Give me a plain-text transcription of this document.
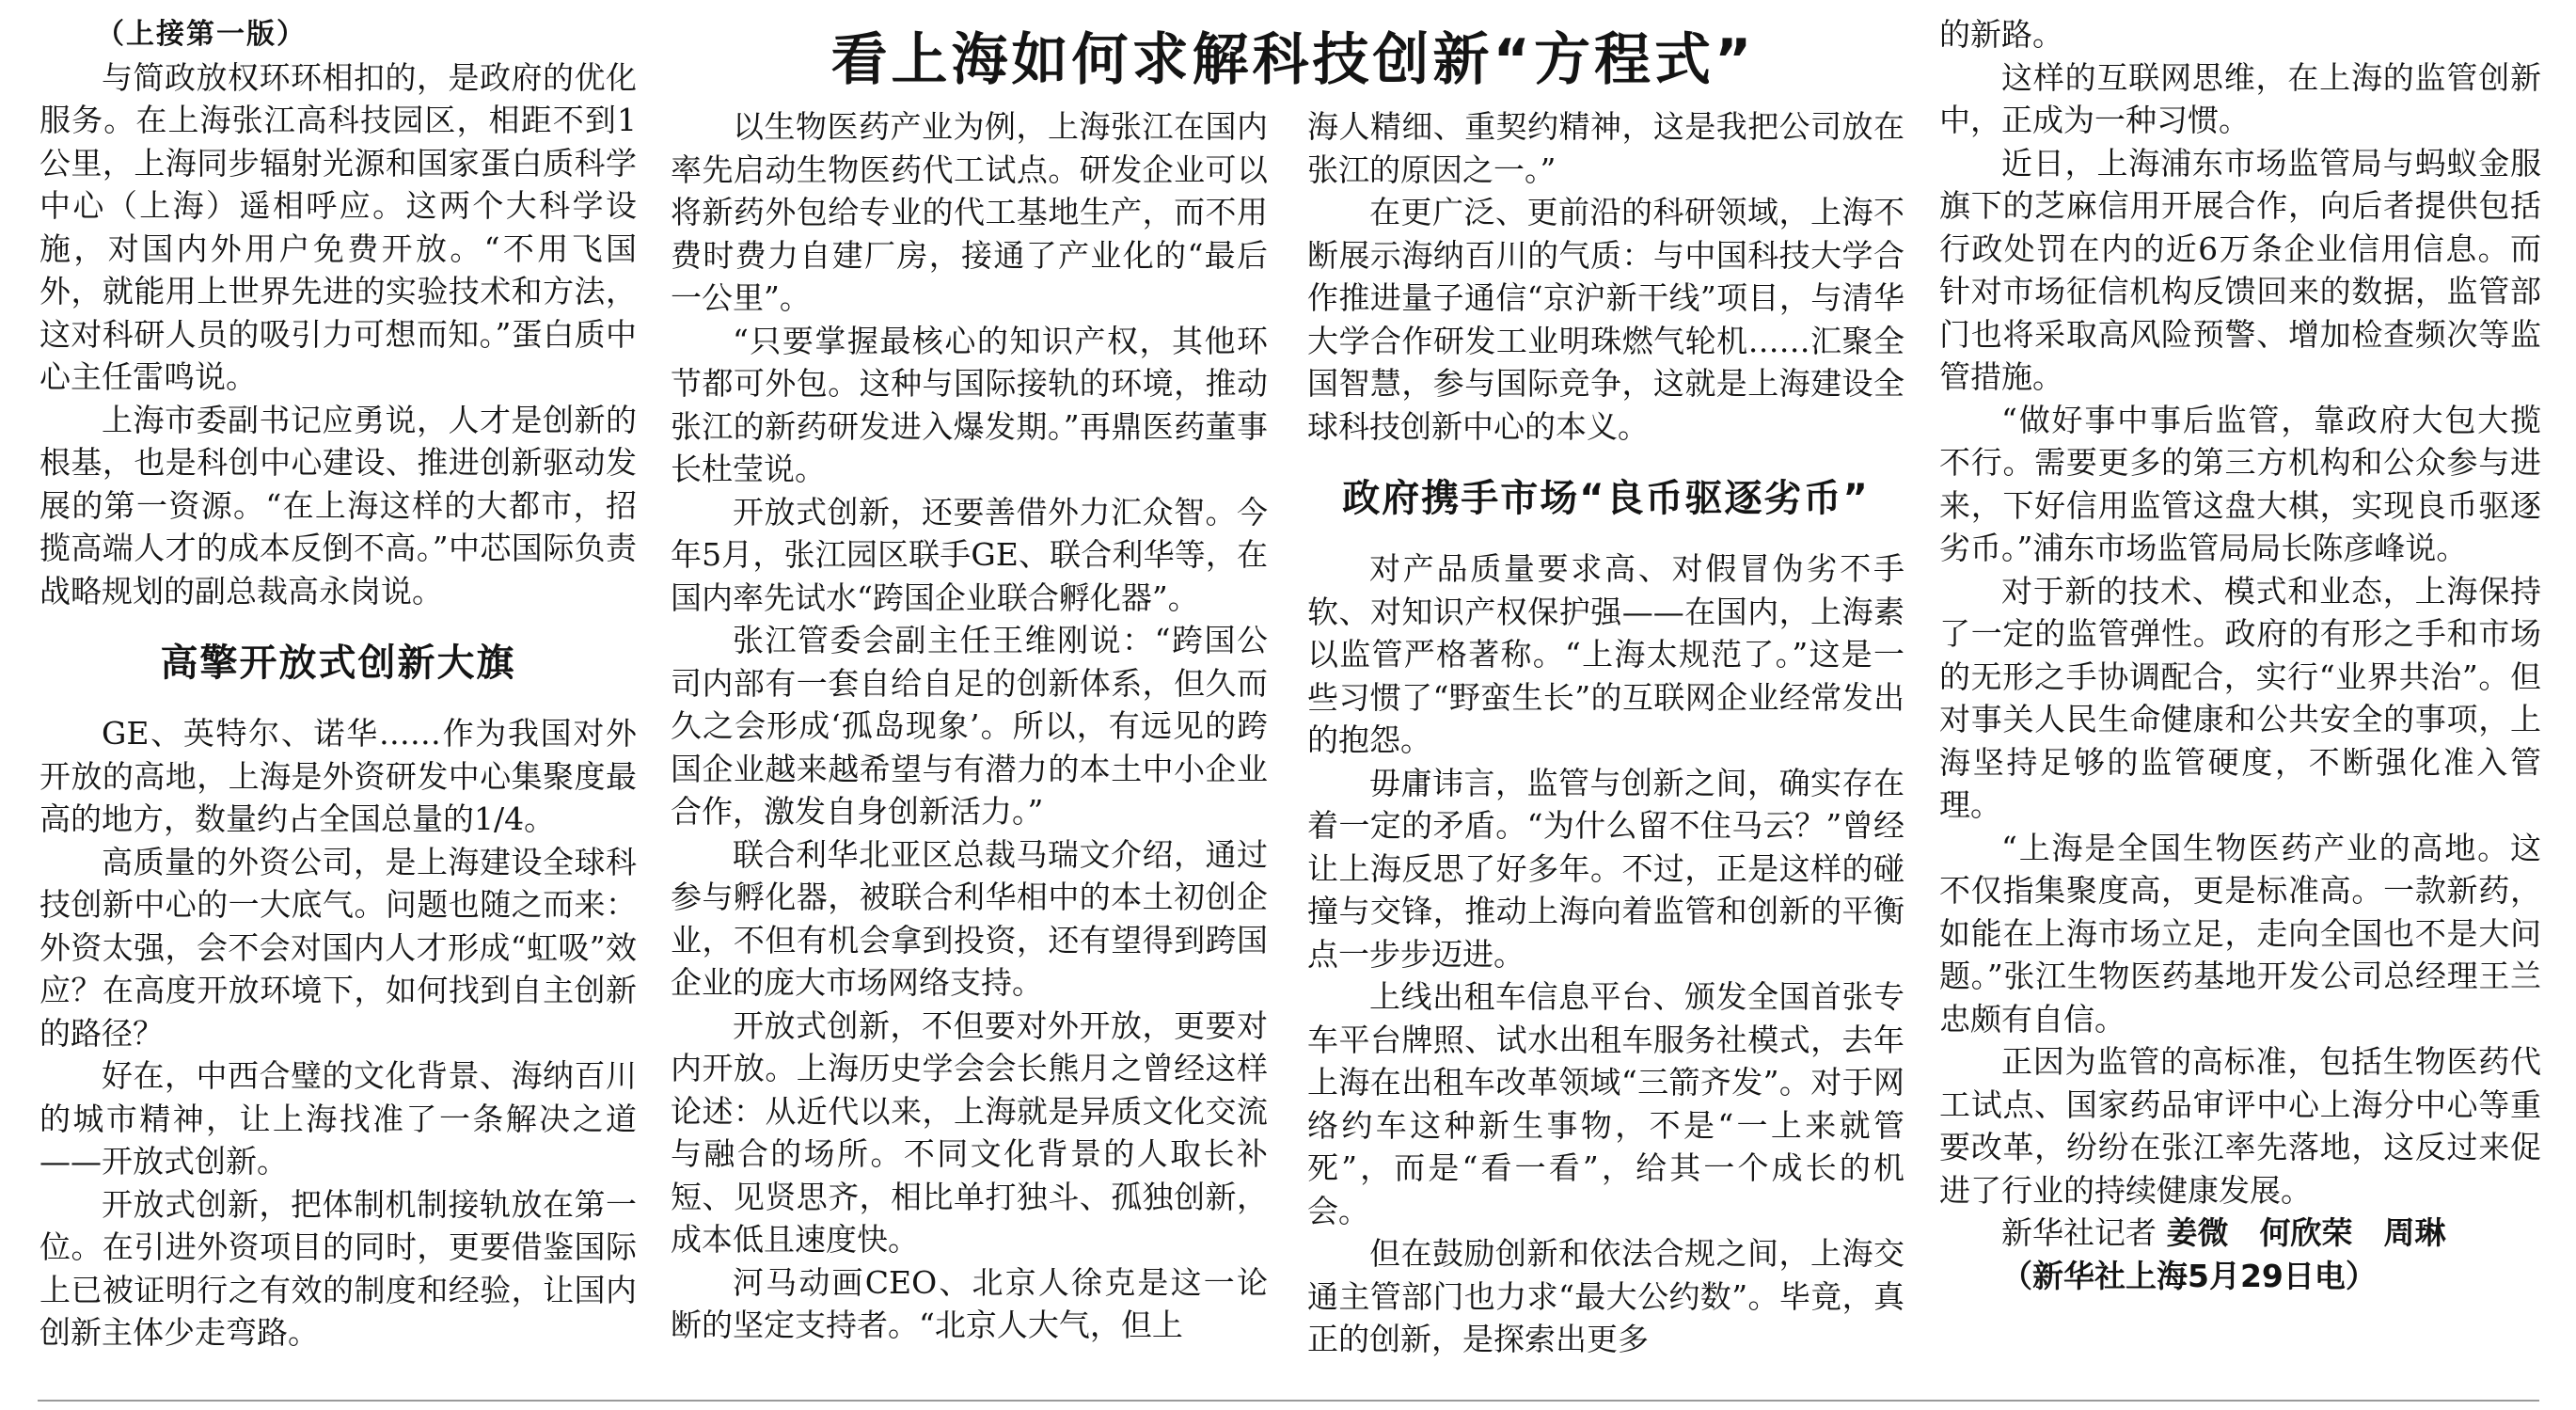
看上海如何求解科技创新“方程式”
（上接第一版）

与简政放权环环相扣的，是政府的优化服务。在上海张江高科技园区，相距不到1公里，上海同步辐射光源和国家蛋白质科学中心（上海）遥相呼应。这两个大科学设施，对国内外用户免费开放。“不用飞国外，就能用上世界先进的实验技术和方法，这对科研人员的吸引力可想而知。”蛋白质中心主任雷鸣说。

上海市委副书记应勇说，人才是创新的根基，也是科创中心建设、推进创新驱动发展的第一资源。“在上海这样的大都市，招揽高端人才的成本反倒不高。”中芯国际负责战略规划的副总裁高永岗说。

高擎开放式创新大旗

GE、英特尔、诺华……作为我国对外开放的高地，上海是外资研发中心集聚度最高的地方，数量约占全国总量的1/4。

高质量的外资公司，是上海建设全球科技创新中心的一大底气。问题也随之而来：外资太强，会不会对国内人才形成“虹吸”效应？在高度开放环境下，如何找到自主创新的路径？

好在，中西合璧的文化背景、海纳百川的城市精神，让上海找准了一条解决之道——开放式创新。

开放式创新，把体制机制接轨放在第一位。在引进外资项目的同时，更要借鉴国际上已被证明行之有效的制度和经验，让国内创新主体少走弯路。

以生物医药产业为例，上海张江在国内率先启动生物医药代工试点。研发企业可以将新药外包给专业的代工基地生产，而不用费时费力自建厂房，接通了产业化的“最后一公里”。

“只要掌握最核心的知识产权，其他环节都可外包。这种与国际接轨的环境，推动张江的新药研发进入爆发期。”再鼎医药董事长杜莹说。

开放式创新，还要善借外力汇众智。今年5月，张江园区联手GE、联合利华等，在国内率先试水“跨国企业联合孵化器”。

张江管委会副主任王维刚说：“跨国公司内部有一套自给自足的创新体系，但久而久之会形成‘孤岛现象’。所以，有远见的跨国企业越来越希望与有潜力的本土中小企业合作，激发自身创新活力。”

联合利华北亚区总裁马瑞文介绍，通过参与孵化器，被联合利华相中的本土初创企业，不但有机会拿到投资，还有望得到跨国企业的庞大市场网络支持。

开放式创新，不但要对外开放，更要对内开放。上海历史学会会长熊月之曾经这样论述：从近代以来，上海就是异质文化交流与融合的场所。不同文化背景的人取长补短、见贤思齐，相比单打独斗、孤独创新，成本低且速度快。

河马动画CEO、北京人徐克是这一论断的坚定支持者。“北京人大气，但上

海人精细、重契约精神，这是我把公司放在张江的原因之一。”

在更广泛、更前沿的科研领域，上海不断展示海纳百川的气质：与中国科技大学合作推进量子通信“京沪新干线”项目，与清华大学合作研发工业明珠燃气轮机……汇聚全国智慧，参与国际竞争，这就是上海建设全球科技创新中心的本义。

政府携手市场“良币驱逐劣币”

对产品质量要求高、对假冒伪劣不手软、对知识产权保护强——在国内，上海素以监管严格著称。“上海太规范了。”这是一些习惯了“野蛮生长”的互联网企业经常发出的抱怨。

毋庸讳言，监管与创新之间，确实存在着一定的矛盾。“为什么留不住马云？”曾经让上海反思了好多年。不过，正是这样的碰撞与交锋，推动上海向着监管和创新的平衡点一步步迈进。

上线出租车信息平台、颁发全国首张专车平台牌照、试水出租车服务社模式，去年上海在出租车改革领域“三箭齐发”。对于网络约车这种新生事物，不是“一上来就管死”，而是“看一看”，给其一个成长的机会。

但在鼓励创新和依法合规之间，上海交通主管部门也力求“最大公约数”。毕竟，真正的创新，是探索出更多

的新路。

这样的互联网思维，在上海的监管创新中，正成为一种习惯。

近日，上海浦东市场监管局与蚂蚁金服旗下的芝麻信用开展合作，向后者提供包括行政处罚在内的近6万条企业信用信息。而针对市场征信机构反馈回来的数据，监管部门也将采取高风险预警、增加检查频次等监管措施。

“做好事中事后监管，靠政府大包大揽不行。需要更多的第三方机构和公众参与进来，下好信用监管这盘大棋，实现良币驱逐劣币。”浦东市场监管局局长陈彦峰说。

对于新的技术、模式和业态，上海保持了一定的监管弹性。政府的有形之手和市场的无形之手协调配合，实行“业界共治”。但对事关人民生命健康和公共安全的事项，上海坚持足够的监管硬度，不断强化准入管理。

“上海是全国生物医药产业的高地。这不仅指集聚度高，更是标准高。一款新药，如能在上海市场立足，走向全国也不是大问题。”张江生物医药基地开发公司总经理王兰忠颇有自信。

正因为监管的高标准，包括生物医药代工试点、国家药品审评中心上海分中心等重要改革，纷纷在张江率先落地，这反过来促进了行业的持续健康发展。

新华社记者 姜微　何欣荣　周琳

（新华社上海5月29日电）
